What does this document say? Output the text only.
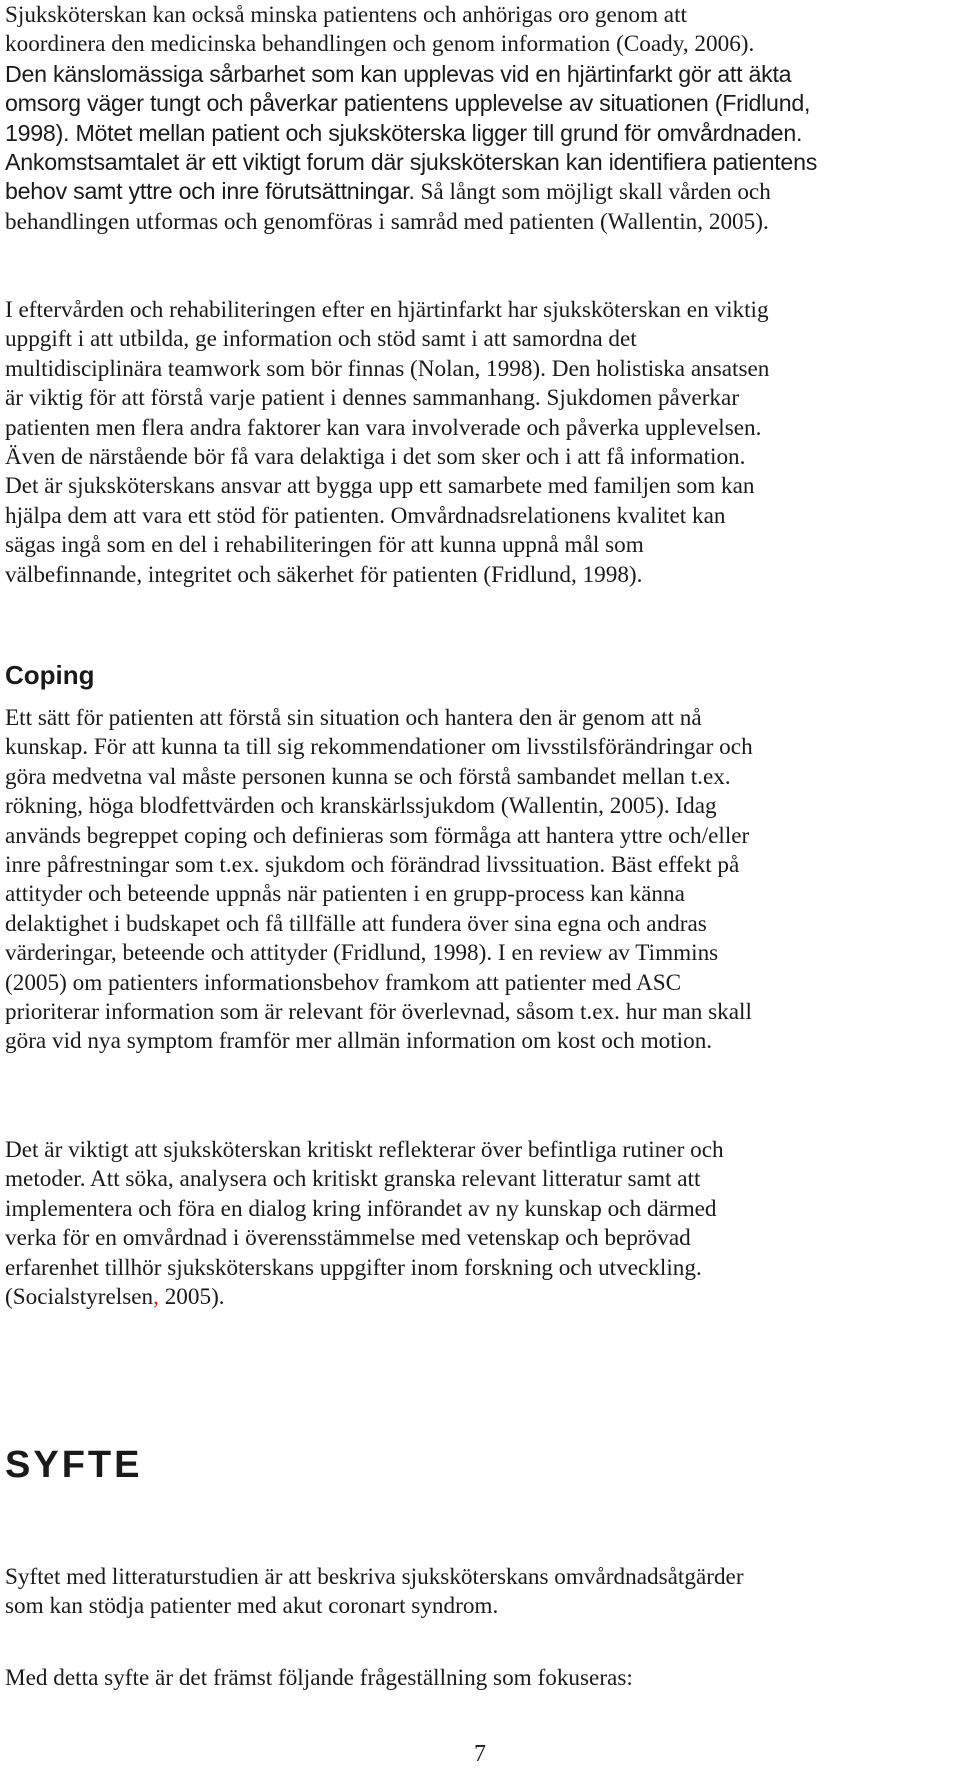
Sjuksköterskan kan också minska patientens och anhörigas oro genom att
koordinera den medicinska behandlingen och genom information (Coady, 2006).
Den känslomässiga sårbarhet som kan upplevas vid en hjärtinfarkt gör att äkta
omsorg väger tungt och påverkar patientens upplevelse av situationen (Fridlund,
1998). Mötet mellan patient och sjuksköterska ligger till grund för omvårdnaden.
Ankomstsamtalet är ett viktigt forum där sjuksköterskan kan identifiera patientens
behov samt yttre och inre förutsättningar. Så långt som möjligt skall vården och
behandlingen utformas och genomföras i samråd med patienten (Wallentin, 2005).

I eftervården och rehabiliteringen efter en hjärtinfarkt har sjuksköterskan en viktig
uppgift i att utbilda, ge information och stöd samt i att samordna det
multidisciplinära teamwork som bör finnas (Nolan, 1998). Den holistiska ansatsen
är viktig för att förstå varje patient i dennes sammanhang. Sjukdomen påverkar
patienten men flera andra faktorer kan vara involverade och påverka upplevelsen.
Även de närstående bör få vara delaktiga i det som sker och i att få information.
Det är sjuksköterskans ansvar att bygga upp ett samarbete med familjen som kan
hjälpa dem att vara ett stöd för patienten. Omvårdnadsrelationens kvalitet kan
sägas ingå som en del i rehabiliteringen för att kunna uppnå mål som
välbefinnande, integritet och säkerhet för patienten (Fridlund, 1998).

Coping

Ett sätt för patienten att förstå sin situation och hantera den är genom att nå
kunskap. För att kunna ta till sig rekommendationer om livsstilsförändringar och
göra medvetna val måste personen kunna se och förstå sambandet mellan t.ex.
rökning, höga blodfettvärden och kranskärlssjukdom (Wallentin, 2005). Idag
används begreppet coping och definieras som förmåga att hantera yttre och/eller
inre påfrestningar som t.ex. sjukdom och förändrad livssituation. Bäst effekt på
attityder och beteende uppnås när patienten i en grupp-process kan känna
delaktighet i budskapet och få tillfälle att fundera över sina egna och andras
värderingar, beteende och attityder (Fridlund, 1998). I en review av Timmins
(2005) om patienters informationsbehov framkom att patienter med ASC
prioriterar information som är relevant för överlevnad, såsom t.ex. hur man skall
göra vid nya symptom framför mer allmän information om kost och motion.

Det är viktigt att sjuksköterskan kritiskt reflekterar över befintliga rutiner och
metoder. Att söka, analysera och kritiskt granska relevant litteratur samt att
implementera och föra en dialog kring införandet av ny kunskap och därmed
verka för en omvårdnad i överensstämmelse med vetenskap och beprövad
erfarenhet tillhör sjuksköterskans uppgifter inom forskning och utveckling.
(Socialstyrelsen, 2005).

SYFTE

Syftet med litteraturstudien är att beskriva sjuksköterskans omvårdnadsåtgärder
som kan stödja patienter med akut coronart syndrom.

Med detta syfte är det främst följande frågeställning som fokuseras:

7
